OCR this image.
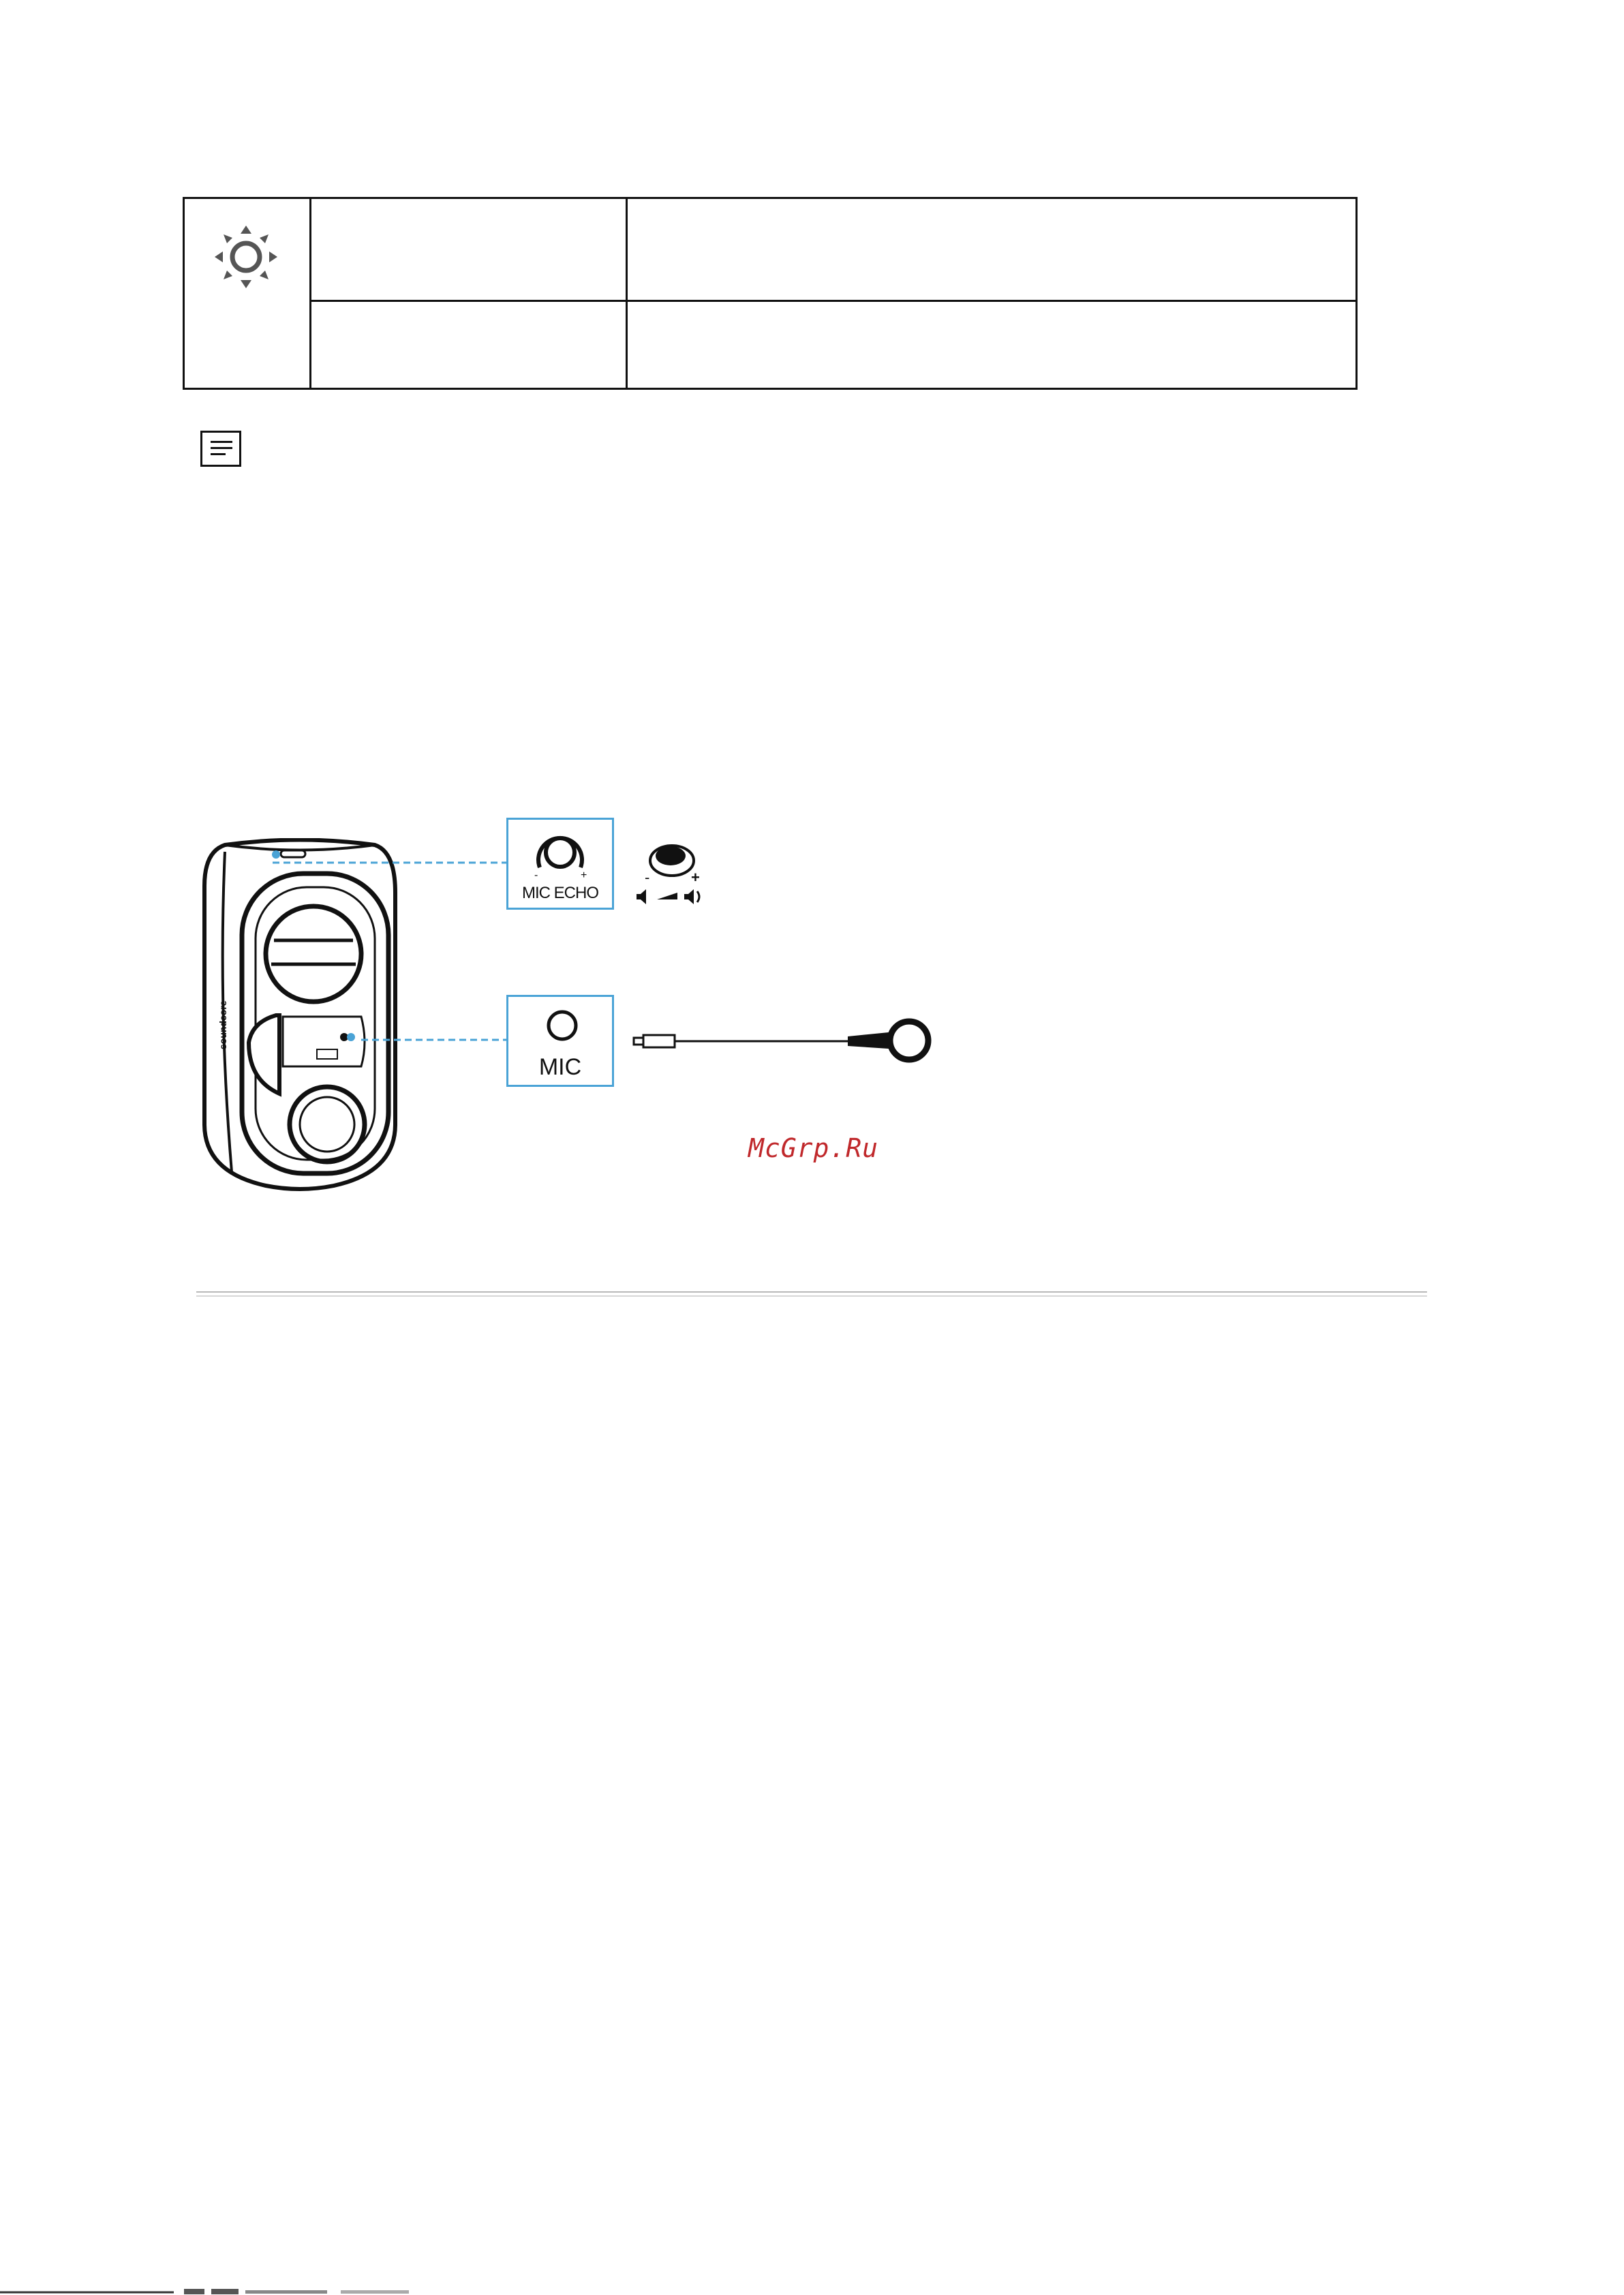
soundcore
-	+
MIC ECHO
-	+
MIC
McGrp.Ru
